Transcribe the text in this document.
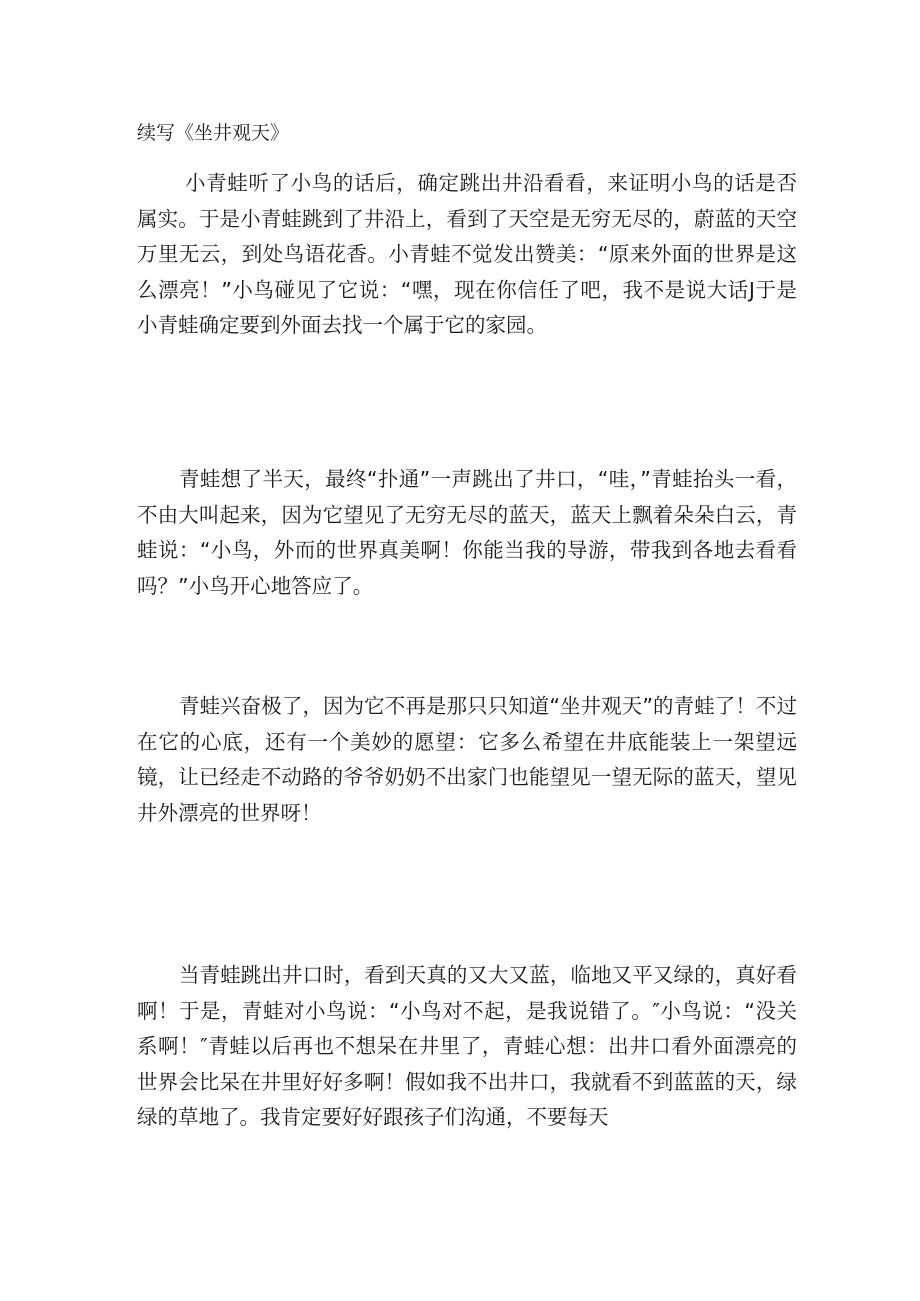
续写《坐井观天》

小青蛙听了小鸟的话后，确定跳出井沿看看，来证明小鸟的话是否属实。于是小青蛙跳到了井沿上，看到了天空是无穷无尽的，蔚蓝的天空万里无云，到处鸟语花香。小青蛙不觉发出赞美：“原来外面的世界是这么漂亮！”小鸟碰见了它说：“嘿，现在你信任了吧，我不是说大话J于是小青蛙确定要到外面去找一个属于它的家园。

青蛙想了半天，最终“扑通”一声跳出了井口，“哇，”青蛙抬头一看，不由大叫起来，因为它望见了无穷无尽的蓝天，蓝天上飘着朵朵白云，青蛙说：“小鸟，外而的世界真美啊！你能当我的导游，带我到各地去看看吗？”小鸟开心地答应了。

青蛙兴奋极了，因为它不再是那只只知道“坐井观天”的青蛙了！不过在它的心底，还有一个美妙的愿望：它多么希望在井底能装上一架望远镜，让已经走不动路的爷爷奶奶不出家门也能望见一望无际的蓝天，望见井外漂亮的世界呀！

当青蛙跳出井口时，看到天真的又大又蓝，临地又平又绿的，真好看啊！于是，青蛙对小鸟说：“小鸟对不起，是我说错了。″小鸟说：“没关系啊！″青蛙以后再也不想呆在井里了，青蛙心想：出井口看外面漂亮的世界会比呆在井里好好多啊！假如我不出井口，我就看不到蓝蓝的天，绿绿的草地了。我肯定要好好跟孩子们沟通，不要每天
